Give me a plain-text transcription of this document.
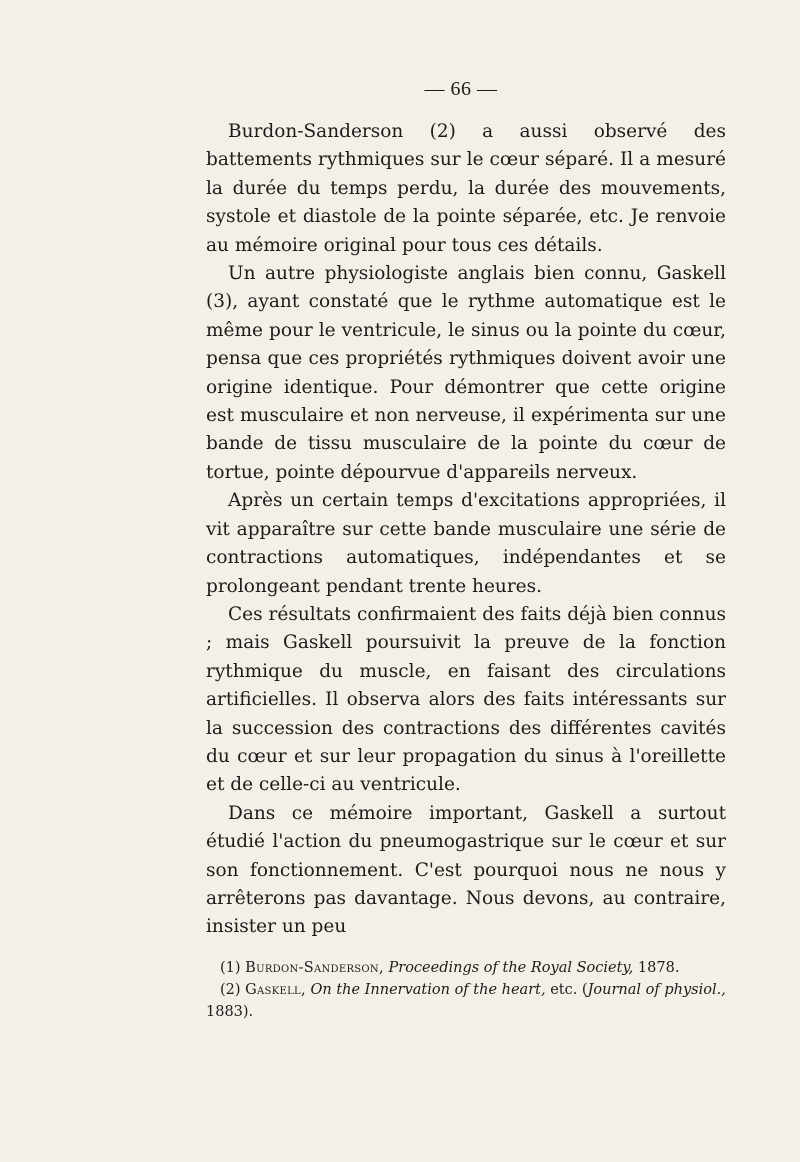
— 66 —

Burdon-Sanderson (2) a aussi observé des battements rythmiques sur le cœur séparé. Il a mesuré la durée du temps perdu, la durée des mouvements, systole et diastole de la pointe séparée, etc. Je renvoie au mémoire original pour tous ces détails.

Un autre physiologiste anglais bien connu, Gaskell (3), ayant constaté que le rythme automatique est le même pour le ventricule, le sinus ou la pointe du cœur, pensa que ces propriétés rythmiques doivent avoir une origine identique. Pour démontrer que cette origine est musculaire et non nerveuse, il expérimenta sur une bande de tissu musculaire de la pointe du cœur de tortue, pointe dépourvue d'appareils nerveux.

Après un certain temps d'excitations appropriées, il vit apparaître sur cette bande musculaire une série de contractions automatiques, indépendantes et se prolongeant pendant trente heures.

Ces résultats confirmaient des faits déjà bien connus ; mais Gaskell poursuivit la preuve de la fonction rythmique du muscle, en faisant des circulations artificielles. Il observa alors des faits intéressants sur la succession des contractions des différentes cavités du cœur et sur leur propagation du sinus à l'oreillette et de celle-ci au ventricule.

Dans ce mémoire important, Gaskell a surtout étudié l'action du pneumogastrique sur le cœur et sur son fonctionnement. C'est pourquoi nous ne nous y arrêterons pas davantage. Nous devons, au contraire, insister un peu

(1) Burdon-Sanderson, Proceedings of the Royal Society, 1878.

(2) Gaskell, On the Innervation of the heart, etc. (Journal of physiol., 1883).
